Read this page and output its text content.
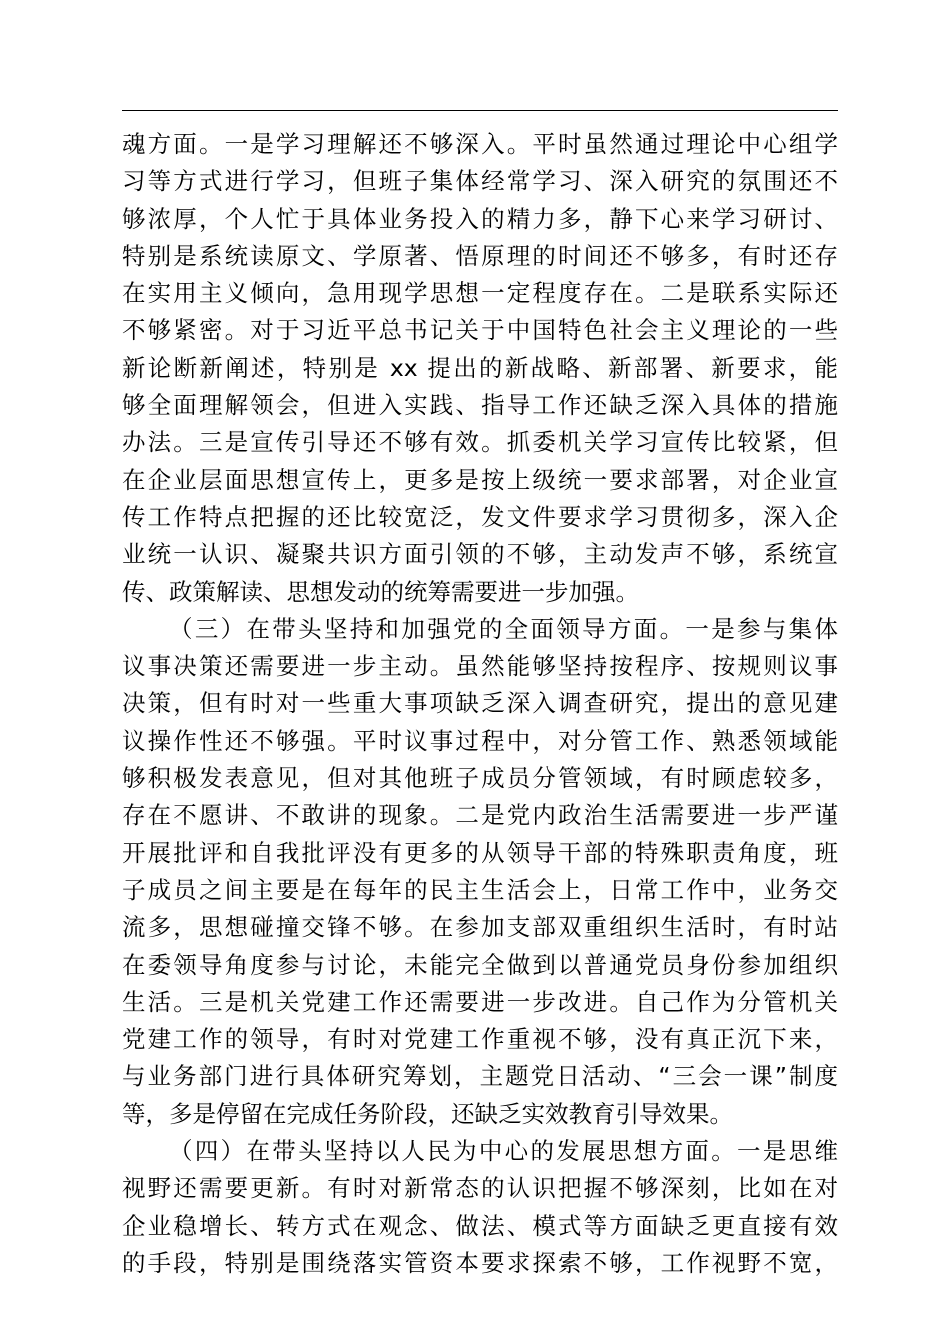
魂方面。一是学习理解还不够深入。平时虽然通过理论中心组学
习等方式进行学习，但班子集体经常学习、深入研究的氛围还不
够浓厚，个人忙于具体业务投入的精力多，静下心来学习研讨、
特别是系统读原文、学原著、悟原理的时间还不够多，有时还存
在实用主义倾向，急用现学思想一定程度存在。二是联系实际还
不够紧密。对于习近平总书记关于中国特色社会主义理论的一些
新论断新阐述，特别是 xx 提出的新战略、新部署、新要求，能
够全面理解领会，但进入实践、指导工作还缺乏深入具体的措施
办法。三是宣传引导还不够有效。抓委机关学习宣传比较紧，但
在企业层面思想宣传上，更多是按上级统一要求部署，对企业宣
传工作特点把握的还比较宽泛，发文件要求学习贯彻多，深入企
业统一认识、凝聚共识方面引领的不够，主动发声不够，系统宣
传、政策解读、思想发动的统筹需要进一步加强。
（三）在带头坚持和加强党的全面领导方面。一是参与集体
议事决策还需要进一步主动。虽然能够坚持按程序、按规则议事
决策，但有时对一些重大事项缺乏深入调查研究，提出的意见建
议操作性还不够强。平时议事过程中，对分管工作、熟悉领域能
够积极发表意见，但对其他班子成员分管领域，有时顾虑较多，
存在不愿讲、不敢讲的现象。二是党内政治生活需要进一步严谨
开展批评和自我批评没有更多的从领导干部的特殊职责角度，班
子成员之间主要是在每年的民主生活会上，日常工作中，业务交
流多，思想碰撞交锋不够。在参加支部双重组织生活时，有时站
在委领导角度参与讨论，未能完全做到以普通党员身份参加组织
生活。三是机关党建工作还需要进一步改进。自己作为分管机关
党建工作的领导，有时对党建工作重视不够，没有真正沉下来，
与业务部门进行具体研究筹划，主题党日活动、“三会一课”制度
等，多是停留在完成任务阶段，还缺乏实效教育引导效果。
（四）在带头坚持以人民为中心的发展思想方面。一是思维
视野还需要更新。有时对新常态的认识把握不够深刻，比如在对
企业稳增长、转方式在观念、做法、模式等方面缺乏更直接有效
的手段，特别是围绕落实管资本要求探索不够，工作视野不宽，
